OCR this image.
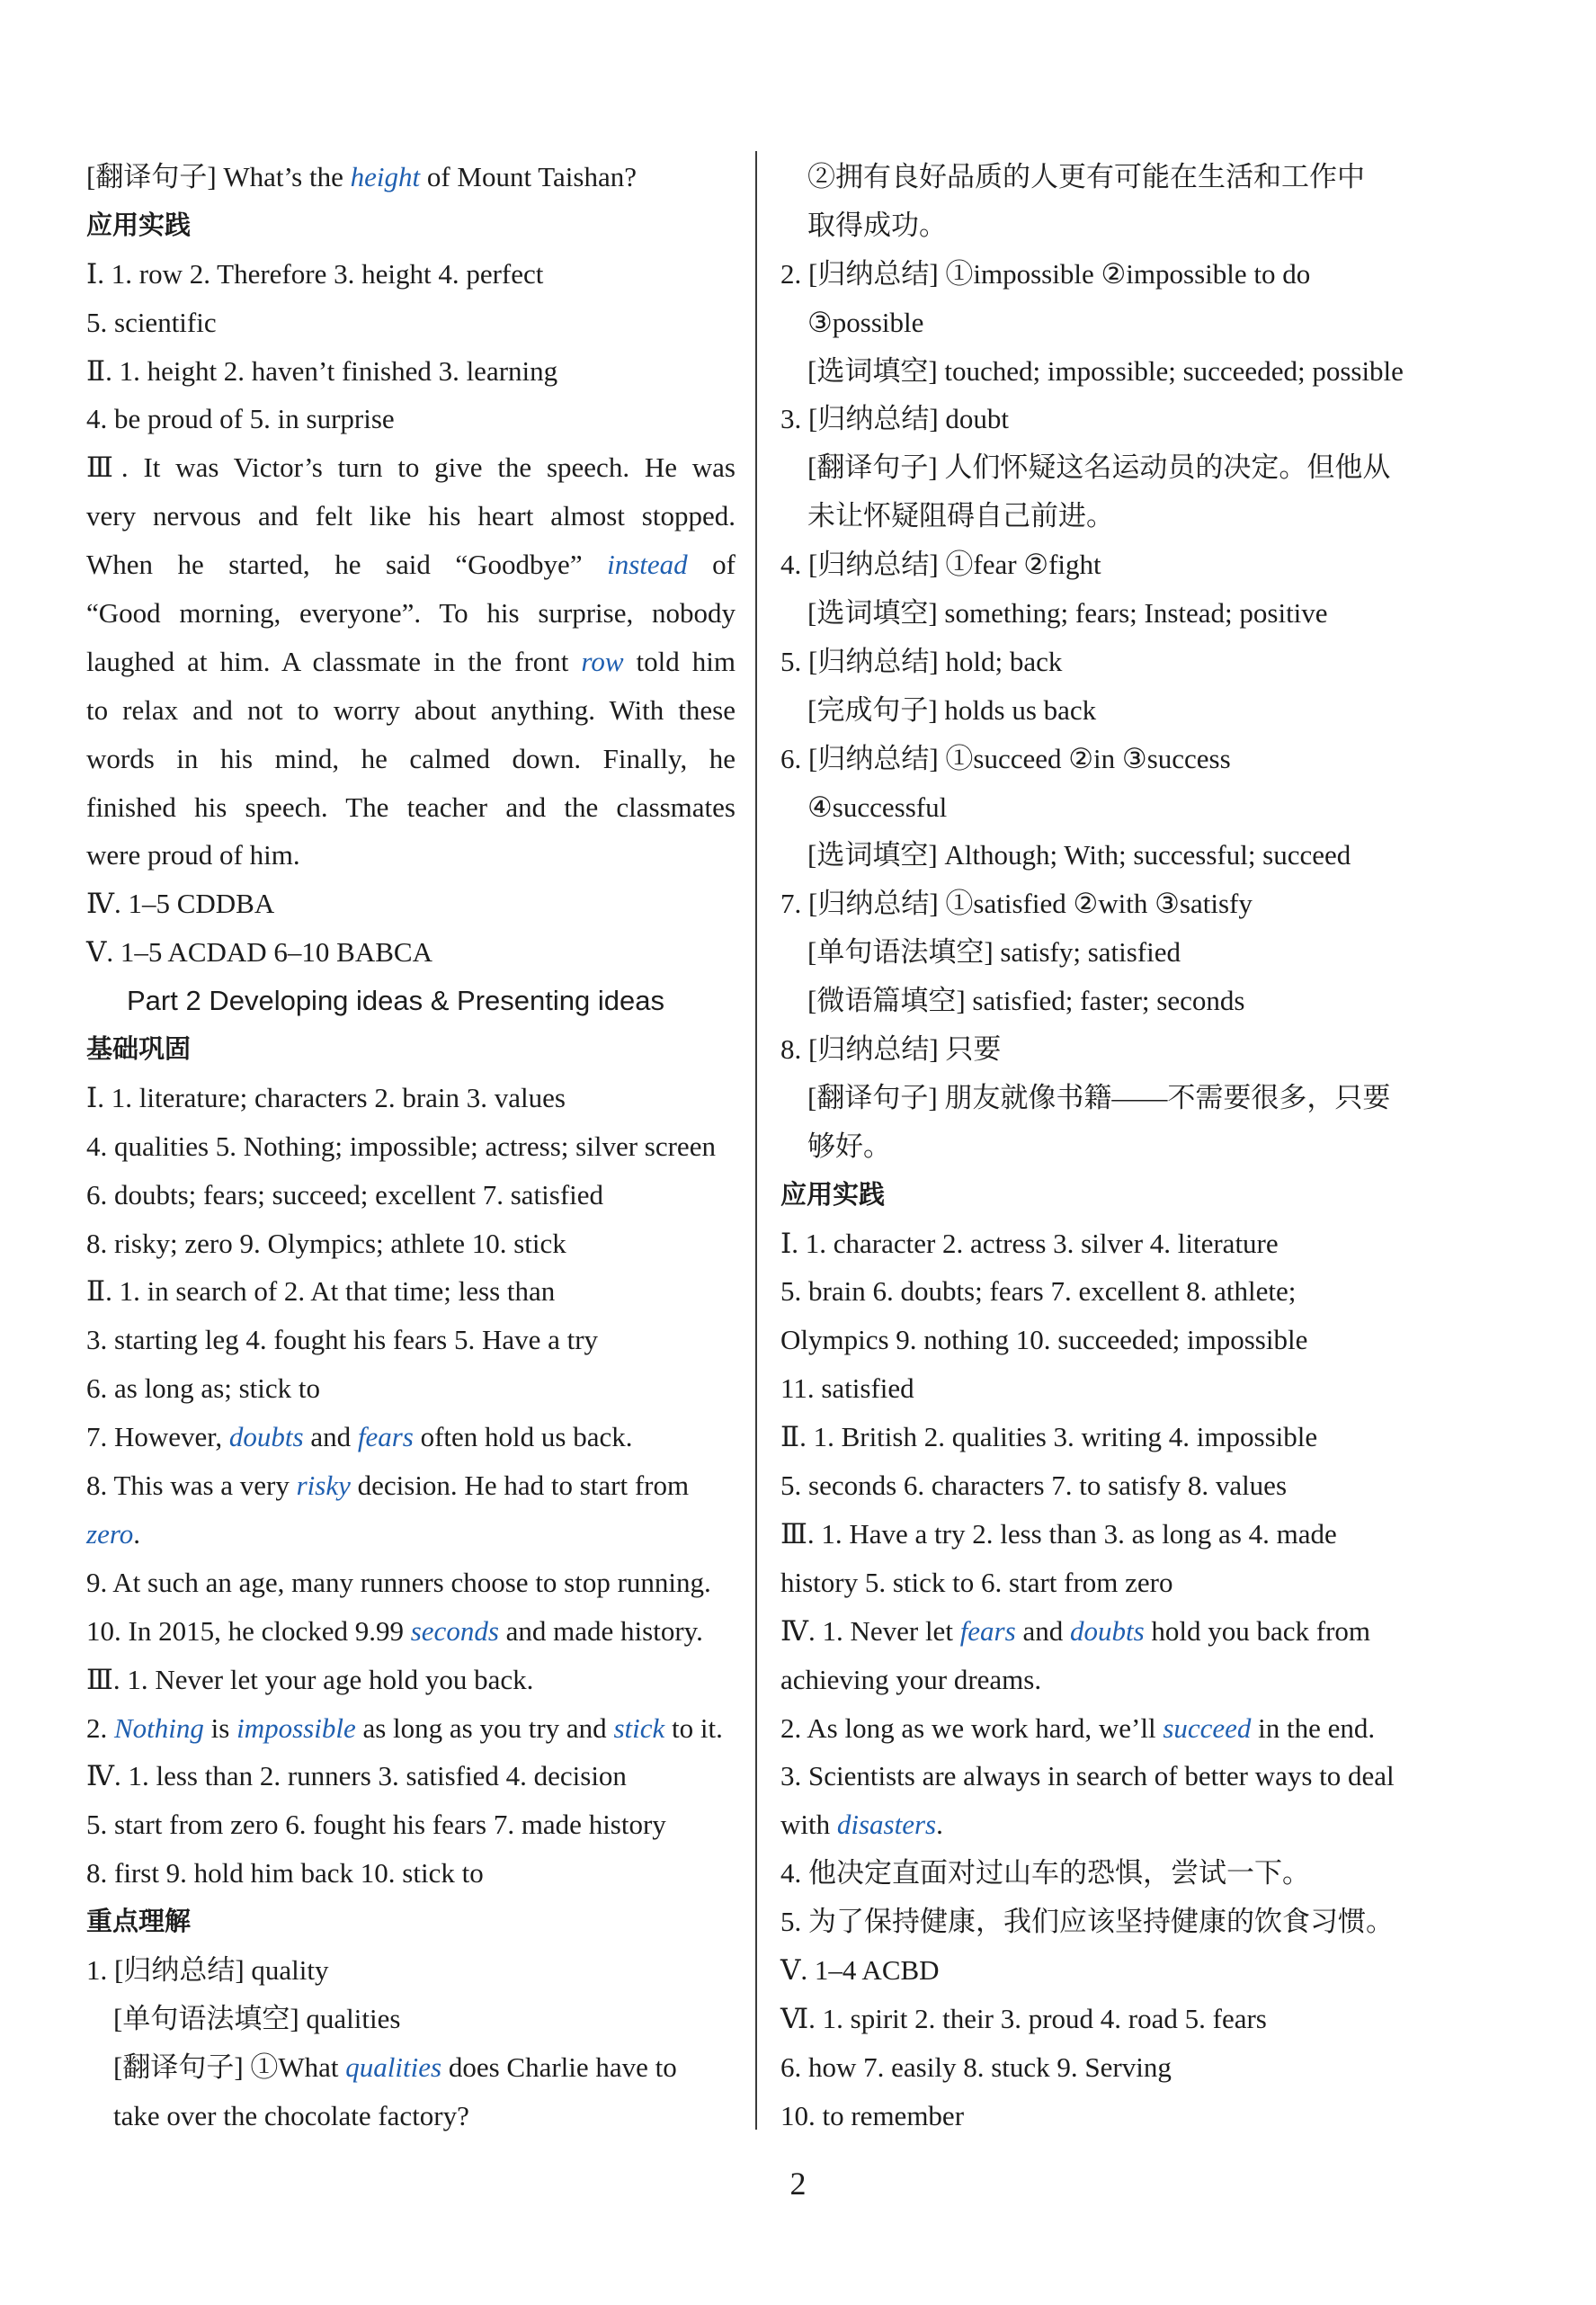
[翻译句子] What’s the height of Mount Taishan?
应用实践
Ⅰ. 1. row 2. Therefore 3. height 4. perfect
5. scientific
Ⅱ. 1. height 2. haven’t finished 3. learning
4. be proud of 5. in surprise
Ⅲ. It was Victor’s turn to give the speech. He was
very nervous and felt like his heart almost stopped.
When he started, he said “Goodbye” instead of
“Good morning, everyone”. To his surprise, nobody
laughed at him. A classmate in the front row told him
to relax and not to worry about anything. With these
words in his mind, he calmed down. Finally, he
finished his speech. The teacher and the classmates
were proud of him.
Ⅳ. 1–5 CDDBA
Ⅴ. 1–5 ACDAD 6–10 BABCA
Part 2 Developing ideas & Presenting ideas
基础巩固
Ⅰ. 1. literature; characters 2. brain 3. values
4. qualities 5. Nothing; impossible; actress; silver screen
6. doubts; fears; succeed; excellent 7. satisfied
8. risky; zero 9. Olympics; athlete 10. stick
Ⅱ. 1. in search of 2. At that time; less than
3. starting leg 4. fought his fears 5. Have a try
6. as long as; stick to
7. However, doubts and fears often hold us back.
8. This was a very risky decision. He had to start from
zero.
9. At such an age, many runners choose to stop running.
10. In 2015, he clocked 9.99 seconds and made history.
Ⅲ. 1. Never let your age hold you back.
2. Nothing is impossible as long as you try and stick to it.
Ⅳ. 1. less than 2. runners 3. satisfied 4. decision
5. start from zero 6. fought his fears 7. made history
8. first 9. hold him back 10. stick to
重点理解
1. [归纳总结] quality
[单句语法填空] qualities
[翻译句子] ①What qualities does Charlie have to
take over the chocolate factory?
②拥有良好品质的人更有可能在生活和工作中
取得成功。
2. [归纳总结] ①impossible ②impossible to do
③possible
[选词填空] touched; impossible; succeeded; possible
3. [归纳总结] doubt
[翻译句子] 人们怀疑这名运动员的决定。但他从
未让怀疑阻碍自己前进。
4. [归纳总结] ①fear ②fight
[选词填空] something; fears; Instead; positive
5. [归纳总结] hold; back
[完成句子] holds us back
6. [归纳总结] ①succeed ②in ③success
④successful
[选词填空] Although; With; successful; succeed
7. [归纳总结] ①satisfied ②with ③satisfy
[单句语法填空] satisfy; satisfied
[微语篇填空] satisfied; faster; seconds
8. [归纳总结] 只要
[翻译句子] 朋友就像书籍——不需要很多，只要
够好。
应用实践
Ⅰ. 1. character 2. actress 3. silver 4. literature
5. brain 6. doubts; fears 7. excellent 8. athlete;
Olympics 9. nothing 10. succeeded; impossible
11. satisfied
Ⅱ. 1. British 2. qualities 3. writing 4. impossible
5. seconds 6. characters 7. to satisfy 8. values
Ⅲ. 1. Have a try 2. less than 3. as long as 4. made
history 5. stick to 6. start from zero
Ⅳ. 1. Never let fears and doubts hold you back from
achieving your dreams.
2. As long as we work hard, we’ll succeed in the end.
3. Scientists are always in search of better ways to deal
with disasters.
4. 他决定直面对过山车的恐惧，尝试一下。
5. 为了保持健康，我们应该坚持健康的饮食习惯。
Ⅴ. 1–4 ACBD
Ⅵ. 1. spirit 2. their 3. proud 4. road 5. fears
6. how 7. easily 8. stuck 9. Serving
10. to remember
2
